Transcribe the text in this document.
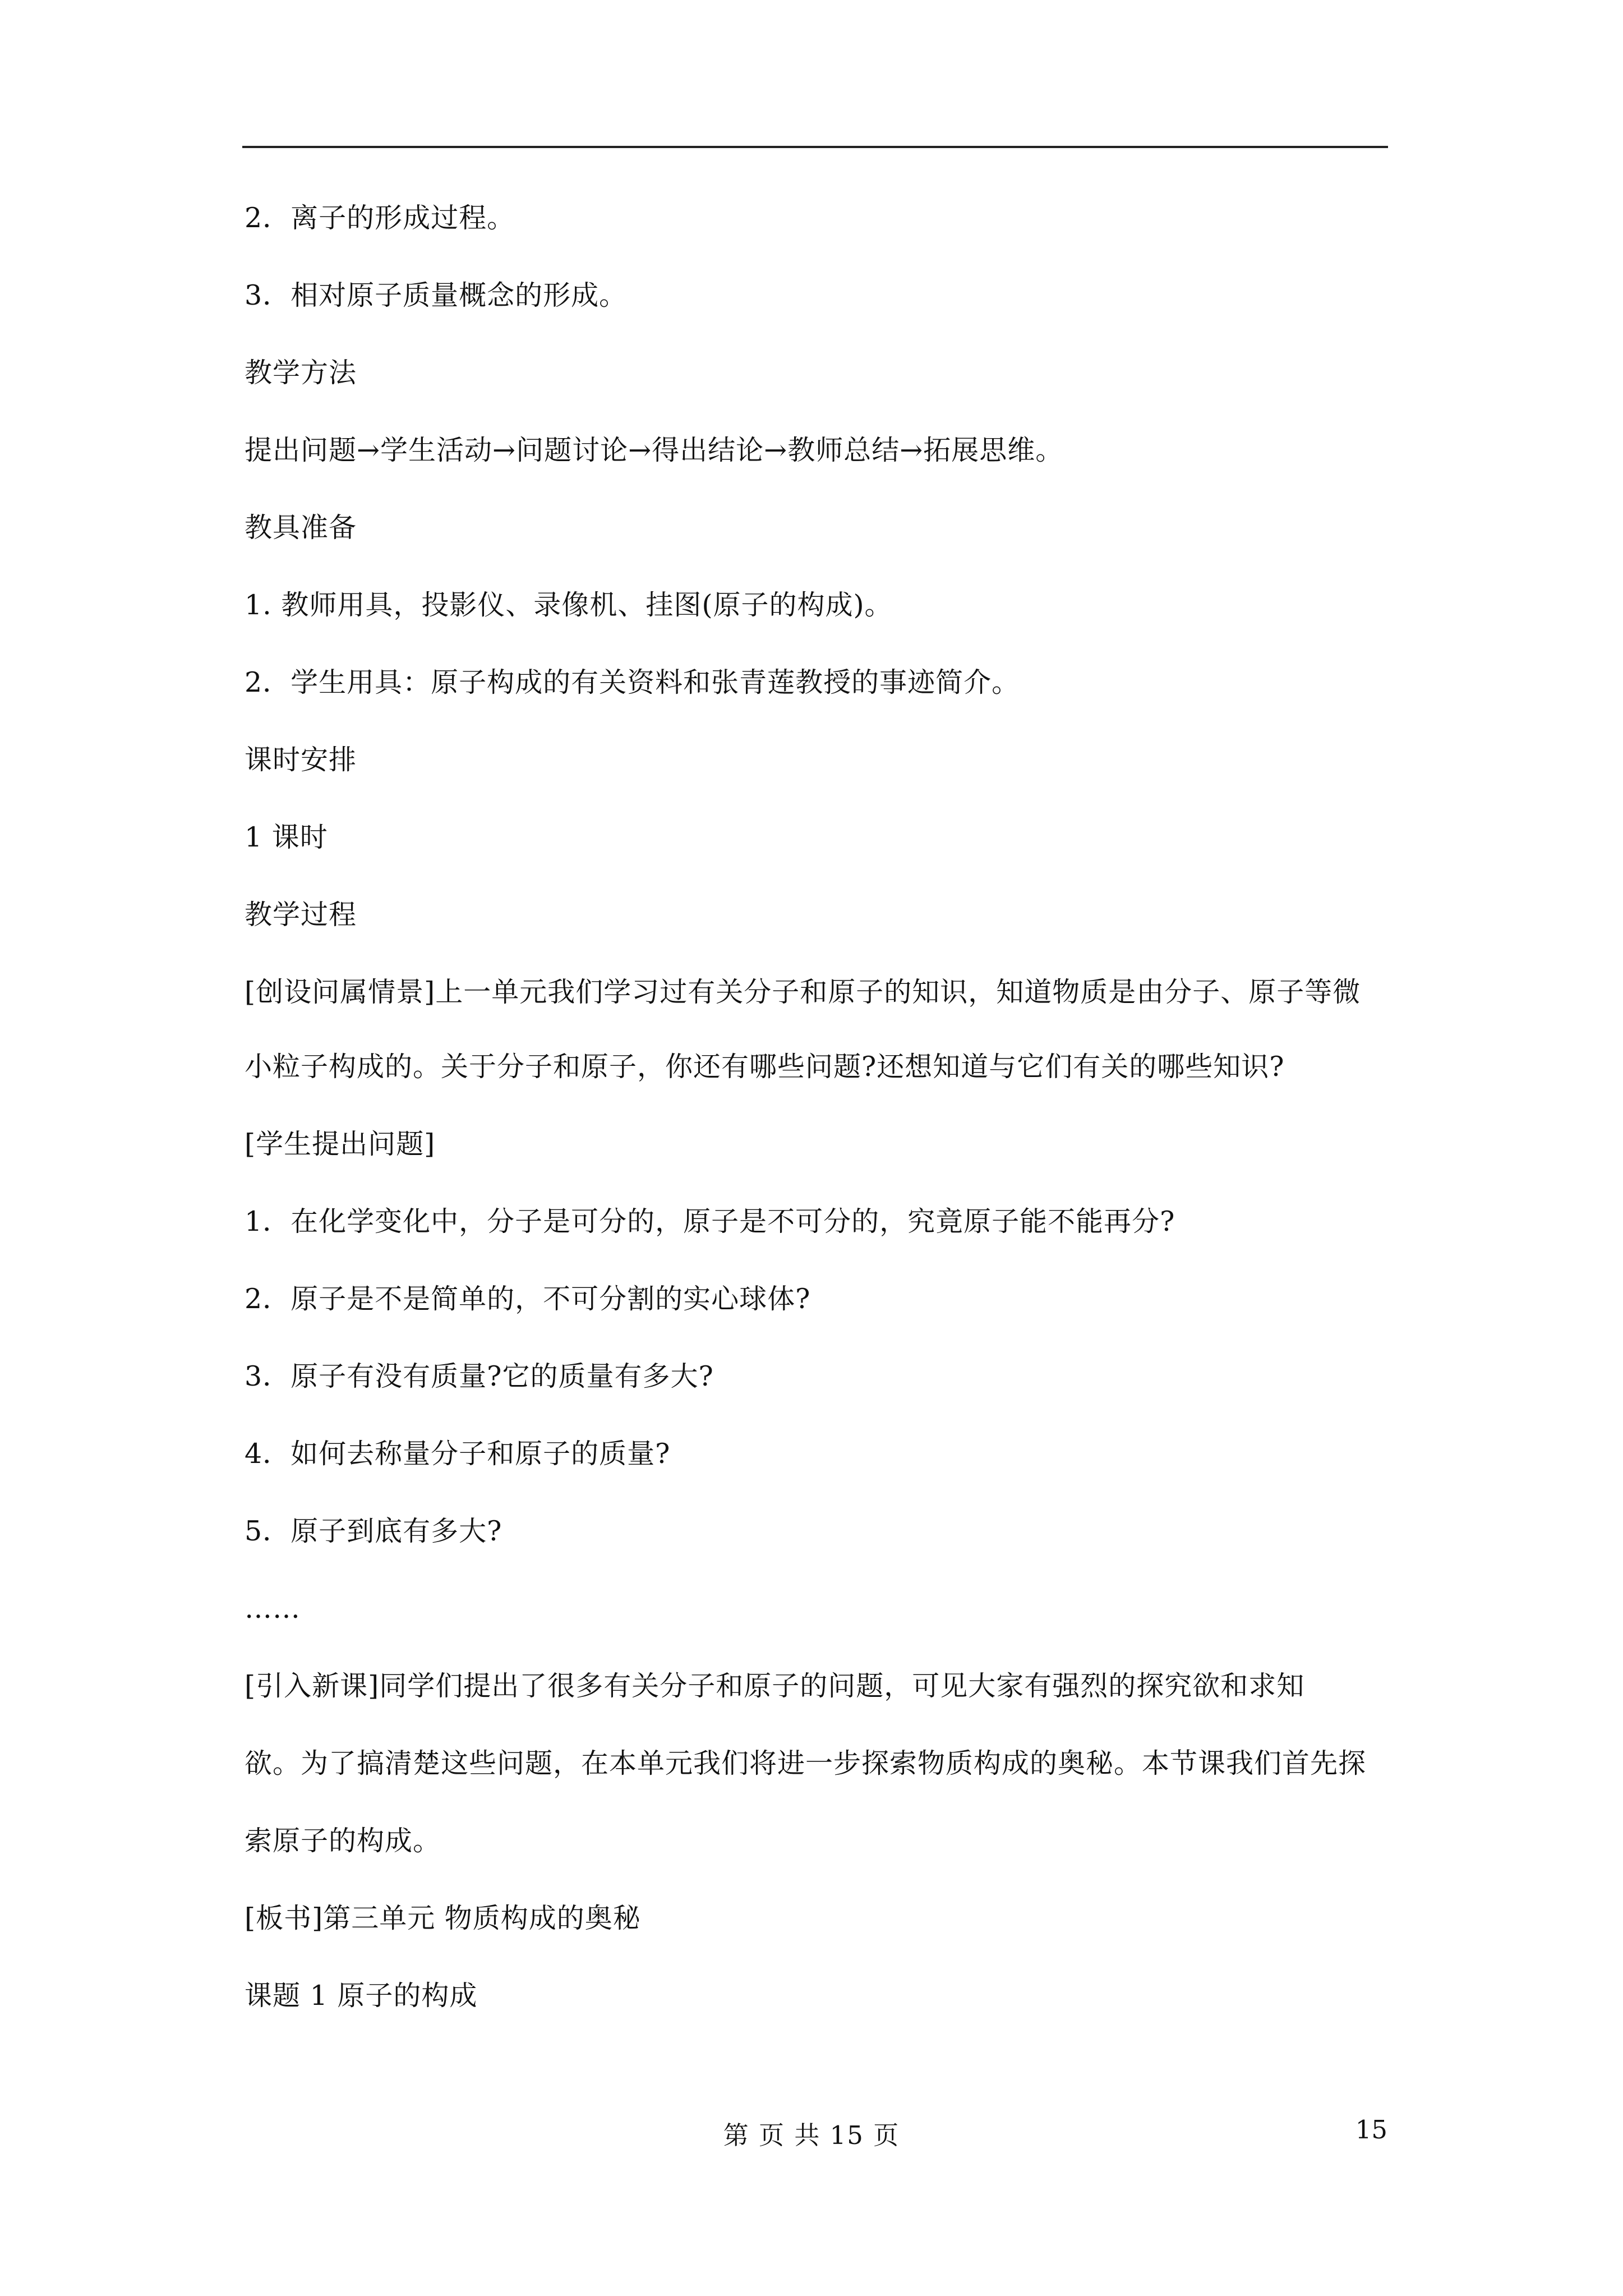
2．离子的形成过程。
3．相对原子质量概念的形成。
教学方法
提出问题→学生活动→问题讨论→得出结论→教师总结→拓展思维。
教具准备
1. 教师用具，投影仪、录像机、挂图(原子的构成)。
2．学生用具：原子构成的有关资料和张青莲教授的事迹简介。
课时安排
1 课时
教学过程
[创设问属情景]上一单元我们学习过有关分子和原子的知识，知道物质是由分子、原子等微
小粒子构成的。关于分子和原子，你还有哪些问题?还想知道与它们有关的哪些知识?
[学生提出问题]
1．在化学变化中，分子是可分的，原子是不可分的，究竟原子能不能再分?
2．原子是不是简单的，不可分割的实心球体?
3．原子有没有质量?它的质量有多大?
4．如何去称量分子和原子的质量?
5．原子到底有多大?
……
[引入新课]同学们提出了很多有关分子和原子的问题，可见大家有强烈的探究欲和求知
欲。为了搞清楚这些问题，在本单元我们将进一步探索物质构成的奥秘。本节课我们首先探
索原子的构成。
[板书]第三单元 物质构成的奥秘
课题 1 原子的构成
第 页 共 15 页	15
